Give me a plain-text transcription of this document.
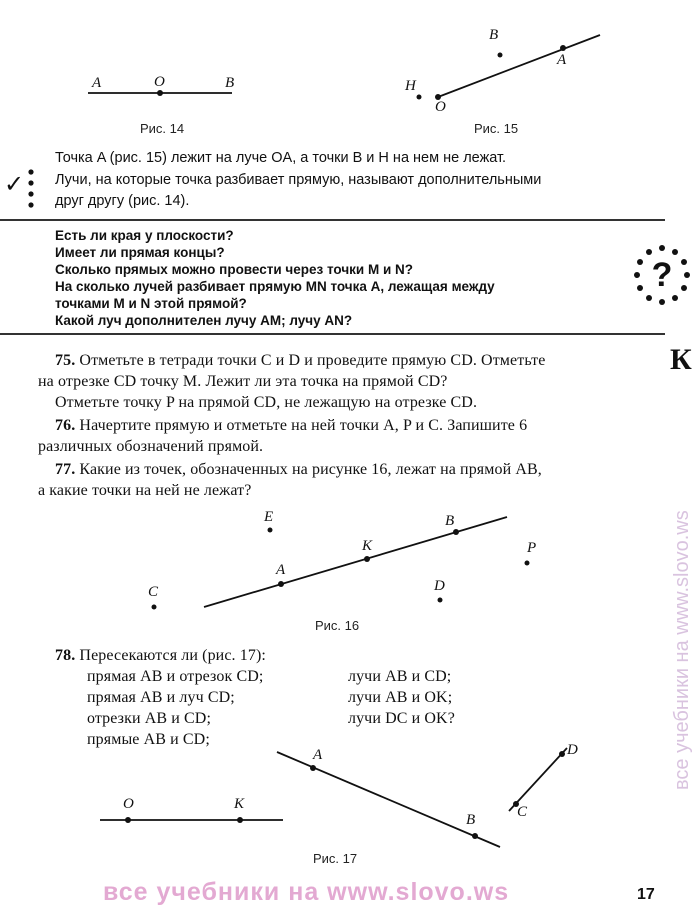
A	O	B
Рис. 14
B
A
H
O
Рис. 15
✓
Точка A (рис. 15) лежит на луче OA, а точки B и H на нем не лежат.
Лучи, на которые точка разбивает прямую, называют дополнительными
друг другу (рис. 14).
Есть ли края у плоскости?
Имеет ли прямая концы?
Сколько прямых можно провести через точки M и N?
На сколько лучей разбивает прямую MN точка A, лежащая между
точками M и N этой прямой?
Какой луч дополнителен лучу AM; лучу AN?
?
К
75. Отметьте в тетради точки C и D и проведите прямую CD. Отметьте
на отрезке CD точку M. Лежит ли эта точка на прямой CD?
Отметьте точку P на прямой CD, не лежащую на отрезке CD.
76. Начертите прямую и отметьте на ней точки A, P и C. Запишите 6
различных обозначений прямой.
77. Какие из точек, обозначенных на рисунке 16, лежат на прямой AB,
а какие точки на ней не лежат?
E	B
K	P
A
C	D
Рис. 16
78. Пересекаются ли (рис. 17):
прямая AB и отрезок CD;
прямая AB и луч CD;
отрезки AB и CD;
прямые AB и CD;
лучи AB и CD;
лучи AB и OK;
лучи DC и OK?
A	D
O	K	C
B
Рис. 17
все учебники на www.slovo.ws	17
все учебники на www.slovo.ws
